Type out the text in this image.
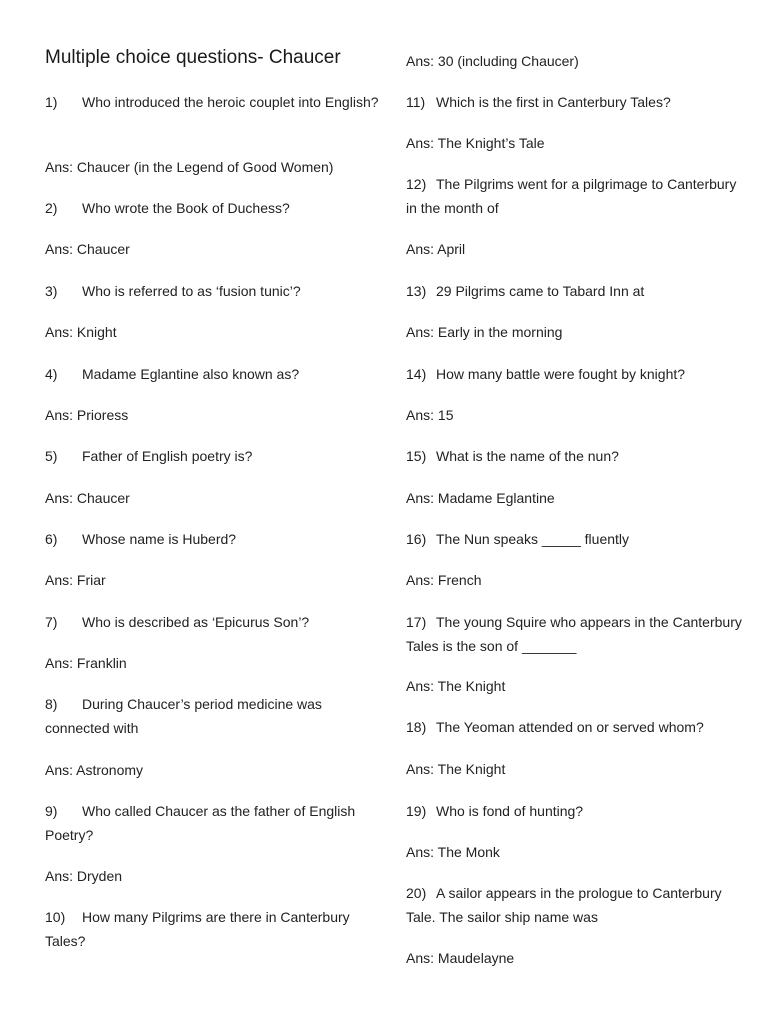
Multiple choice questions- Chaucer
1) Who introduced the heroic couplet into English?
Ans: Chaucer (in the Legend of Good Women)
2) Who wrote the Book of Duchess?
Ans: Chaucer
3) Who is referred to as ‘fusion tunic’?
Ans: Knight
4) Madame Eglantine also known as?
Ans: Prioress
5) Father of English poetry is?
Ans: Chaucer
6) Whose name is Huberd?
Ans: Friar
7) Who is described as ‘Epicurus Son’?
Ans: Franklin
8) During Chaucer’s period medicine was connected with
Ans: Astronomy
9) Who called Chaucer as the father of English Poetry?
Ans: Dryden
10) How many Pilgrims are there in Canterbury Tales?
Ans: 30 (including Chaucer)
11) Which is the first in Canterbury Tales?
Ans: The Knight’s Tale
12) The Pilgrims went for a pilgrimage to Canterbury in the month of
Ans: April
13) 29 Pilgrims came to Tabard Inn at
Ans: Early in the morning
14) How many battle were fought by knight?
Ans: 15
15) What is the name of the nun?
Ans: Madame Eglantine
16) The Nun speaks _____ fluently
Ans: French
17) The young Squire who appears in the Canterbury Tales is the son of _______
Ans: The Knight
18) The Yeoman attended on or served whom?
Ans: The Knight
19) Who is fond of hunting?
Ans: The Monk
20) A sailor appears in the prologue to Canterbury Tale. The sailor ship name was
Ans: Maudelayne
